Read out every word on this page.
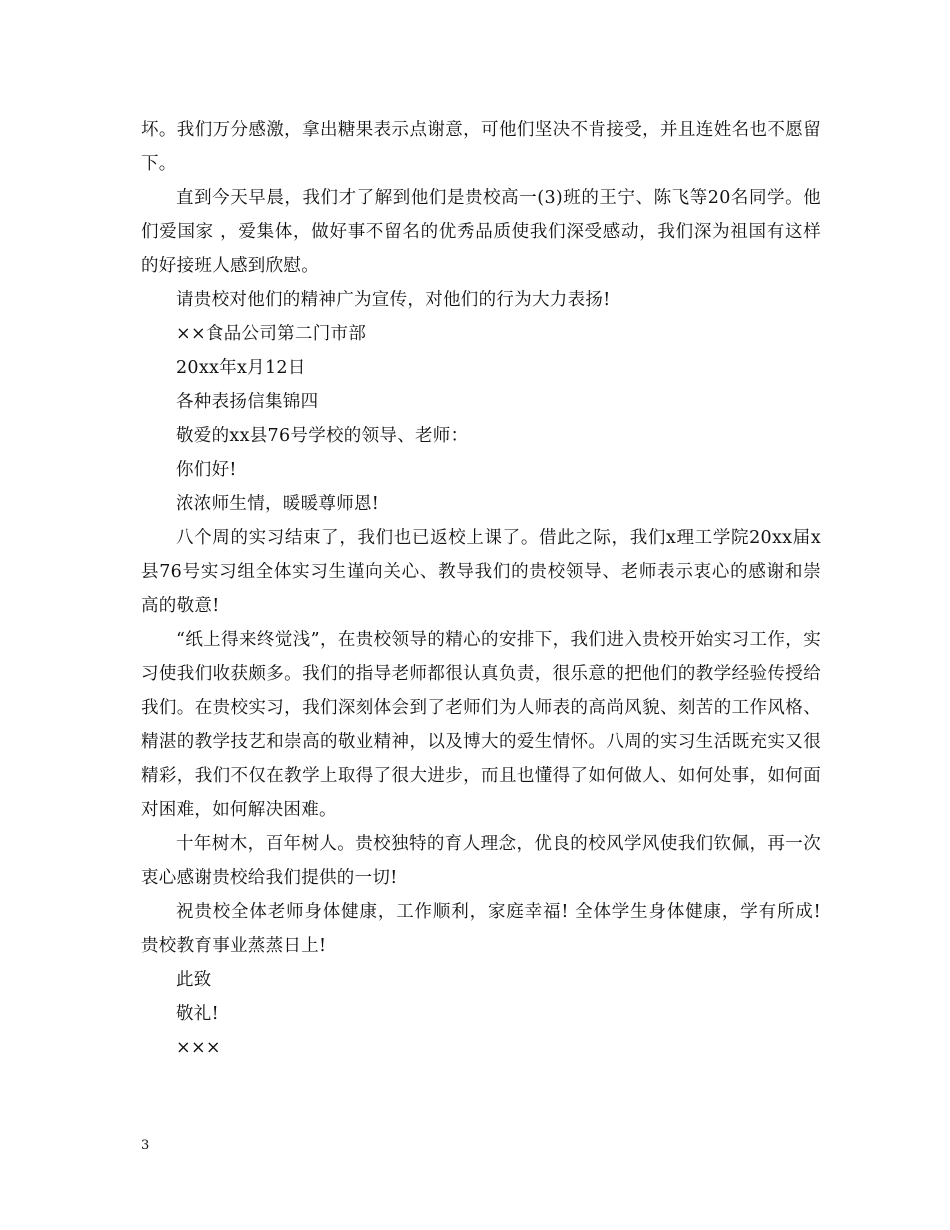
坏。我们万分感激，拿出糖果表示点谢意，可他们坚决不肯接受，并且连姓名也不愿留下。

直到今天早晨，我们才了解到他们是贵校高一(3)班的王宁、陈飞等20名同学。他们爱国家 ，爱集体，做好事不留名的优秀品质使我们深受感动，我们深为祖国有这样的好接班人感到欣慰。

请贵校对他们的精神广为宣传，对他们的行为大力表扬!

××食品公司第二门市部

20xx年x月12日

各种表扬信集锦四

敬爱的xx县76号学校的领导、老师：

你们好!

浓浓师生情，暖暖尊师恩!

八个周的实习结束了，我们也已返校上课了。借此之际，我们x理工学院20xx届x县76号实习组全体实习生谨向关心、教导我们的贵校领导、老师表示衷心的感谢和崇高的敬意!

“纸上得来终觉浅”，在贵校领导的精心的安排下，我们进入贵校开始实习工作，实习使我们收获颇多。我们的指导老师都很认真负责，很乐意的把他们的教学经验传授给我们。在贵校实习，我们深刻体会到了老师们为人师表的高尚风貌、刻苦的工作风格、精湛的教学技艺和崇高的敬业精神，以及博大的爱生情怀。八周的实习生活既充实又很精彩，我们不仅在教学上取得了很大进步，而且也懂得了如何做人、如何处事，如何面对困难，如何解决困难。

十年树木，百年树人。贵校独特的育人理念，优良的校风学风使我们钦佩，再一次衷心感谢贵校给我们提供的一切!

祝贵校全体老师身体健康，工作顺利，家庭幸福! 全体学生身体健康，学有所成! 贵校教育事业蒸蒸日上!

此致

敬礼!

×××

3
